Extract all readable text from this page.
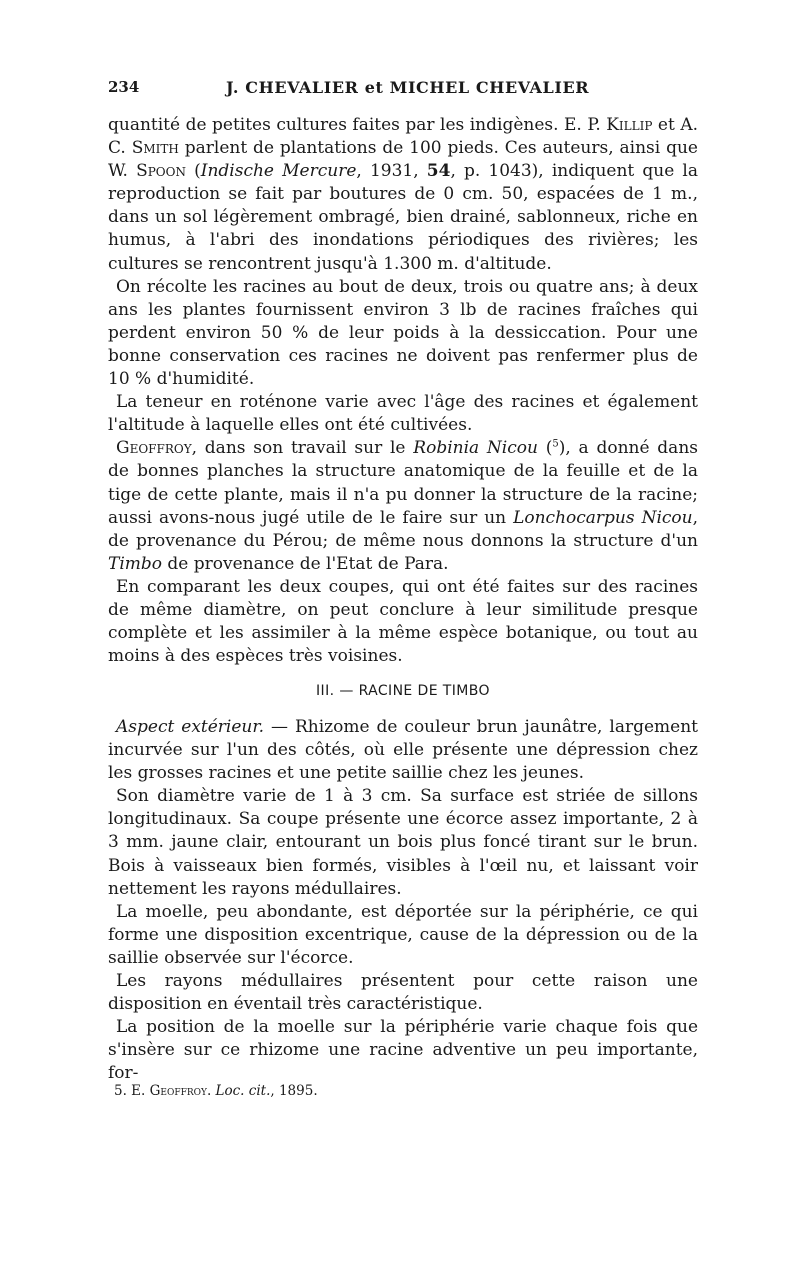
234	J. CHEVALIER et MICHEL CHEVALIER

quantité de petites cultures faites par les indigènes. E. P. Killip et A. C. Smith parlent de plantations de 100 pieds. Ces auteurs, ainsi que W. Spoon (Indische Mercure, 1931, 54, p. 1043), indiquent que la reproduction se fait par boutures de 0 cm. 50, espacées de 1 m., dans un sol légèrement ombragé, bien drainé, sablonneux, riche en humus, à l'abri des inondations périodiques des rivières; les cultures se rencontrent jusqu'à 1.300 m. d'altitude.

On récolte les racines au bout de deux, trois ou quatre ans; à deux ans les plantes fournissent environ 3 lb de racines fraîches qui perdent environ 50 % de leur poids à la dessiccation. Pour une bonne conservation ces racines ne doivent pas renfermer plus de 10 % d'humidité.

La teneur en roténone varie avec l'âge des racines et également l'altitude à laquelle elles ont été cultivées.

Geoffroy, dans son travail sur le Robinia Nicou ($^5$), a donné dans de bonnes planches la structure anatomique de la feuille et de la tige de cette plante, mais il n'a pu donner la structure de la racine; aussi avons-nous jugé utile de le faire sur un Lonchocarpus Nicou, de provenance du Pérou; de même nous donnons la structure d'un Timbo de provenance de l'Etat de Para.

En comparant les deux coupes, qui ont été faites sur des racines de même diamètre, on peut conclure à leur similitude presque complète et les assimiler à la même espèce botanique, ou tout au moins à des espèces très voisines.

III. — RACINE DE TIMBO

Aspect extérieur. — Rhizome de couleur brun jaunâtre, largement incurvée sur l'un des côtés, où elle présente une dépression chez les grosses racines et une petite saillie chez les jeunes.

Son diamètre varie de 1 à 3 cm. Sa surface est striée de sillons longitudinaux. Sa coupe présente une écorce assez importante, 2 à 3 mm. jaune clair, entourant un bois plus foncé tirant sur le brun. Bois à vaisseaux bien formés, visibles à l'œil nu, et laissant voir nettement les rayons médullaires.

La moelle, peu abondante, est déportée sur la périphérie, ce qui forme une disposition excentrique, cause de la dépression ou de la saillie observée sur l'écorce.

Les rayons médullaires présentent pour cette raison une disposition en éventail très caractéristique.

La position de la moelle sur la périphérie varie chaque fois que s'insère sur ce rhizome une racine adventive un peu importante, for-

5. E. Geoffroy. Loc. cit., 1895.
